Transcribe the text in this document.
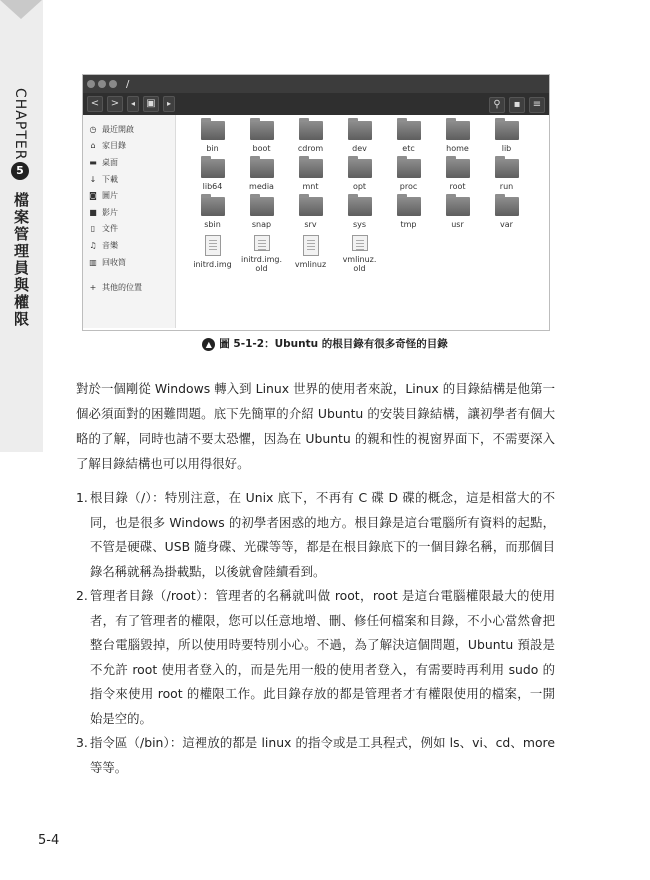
CHAPTER
5
檔案管理員與權限
/
<	>	◂	▣	▸	⚲	▪	≡
◷ 最近開啟
⌂ 家目錄
▬ 桌面
↓ 下載
◙ 圖片
■ 影片
▯ 文件
♫ 音樂
▥ 回收筒
+ 其他的位置
bin	boot	cdrom	dev	etc	home	lib
lib64	media	mnt	opt	proc	root	run
sbin	snap	srv	sys	tmp	usr	var
initrd.img
initrd.img.
old	vmlinuz
vmlinuz.
old
▲ 圖 5-1-2：Ubuntu 的根目錄有很多奇怪的目錄
對於一個剛從 Windows 轉入到 Linux 世界的使用者來說，Linux 的目錄結構是他第一個必須面對的困難問題。底下先簡單的介紹 Ubuntu 的安裝目錄結構，讓初學者有個大略的了解，同時也請不要太恐懼，因為在 Ubuntu 的親和性的視窗界面下，不需要深入了解目錄結構也可以用得很好。
1. 根目錄（/）：特別注意，在 Unix 底下，不再有 C 碟 D 碟的概念，這是相當大的不同，也是很多 Windows 的初學者困惑的地方。根目錄是這台電腦所有資料的起點，不管是硬碟、USB 隨身碟、光碟等等，都是在根目錄底下的一個目錄名稱，而那個目錄名稱就稱為掛載點，以後就會陸續看到。
2. 管理者目錄（/root）：管理者的名稱就叫做 root，root 是這台電腦權限最大的使用者，有了管理者的權限，您可以任意地增、刪、修任何檔案和目錄，不小心當然會把整台電腦毀掉，所以使用時要特別小心。不過，為了解決這個問題，Ubuntu 預設是不允許 root 使用者登入的，而是先用一般的使用者登入，有需要時再利用 sudo 的指令來使用 root 的權限工作。此目錄存放的都是管理者才有權限使用的檔案，一開始是空的。
3. 指令區（/bin）：這裡放的都是 linux 的指令或是工具程式，例如 ls、vi、cd、more 等等。
5-4
